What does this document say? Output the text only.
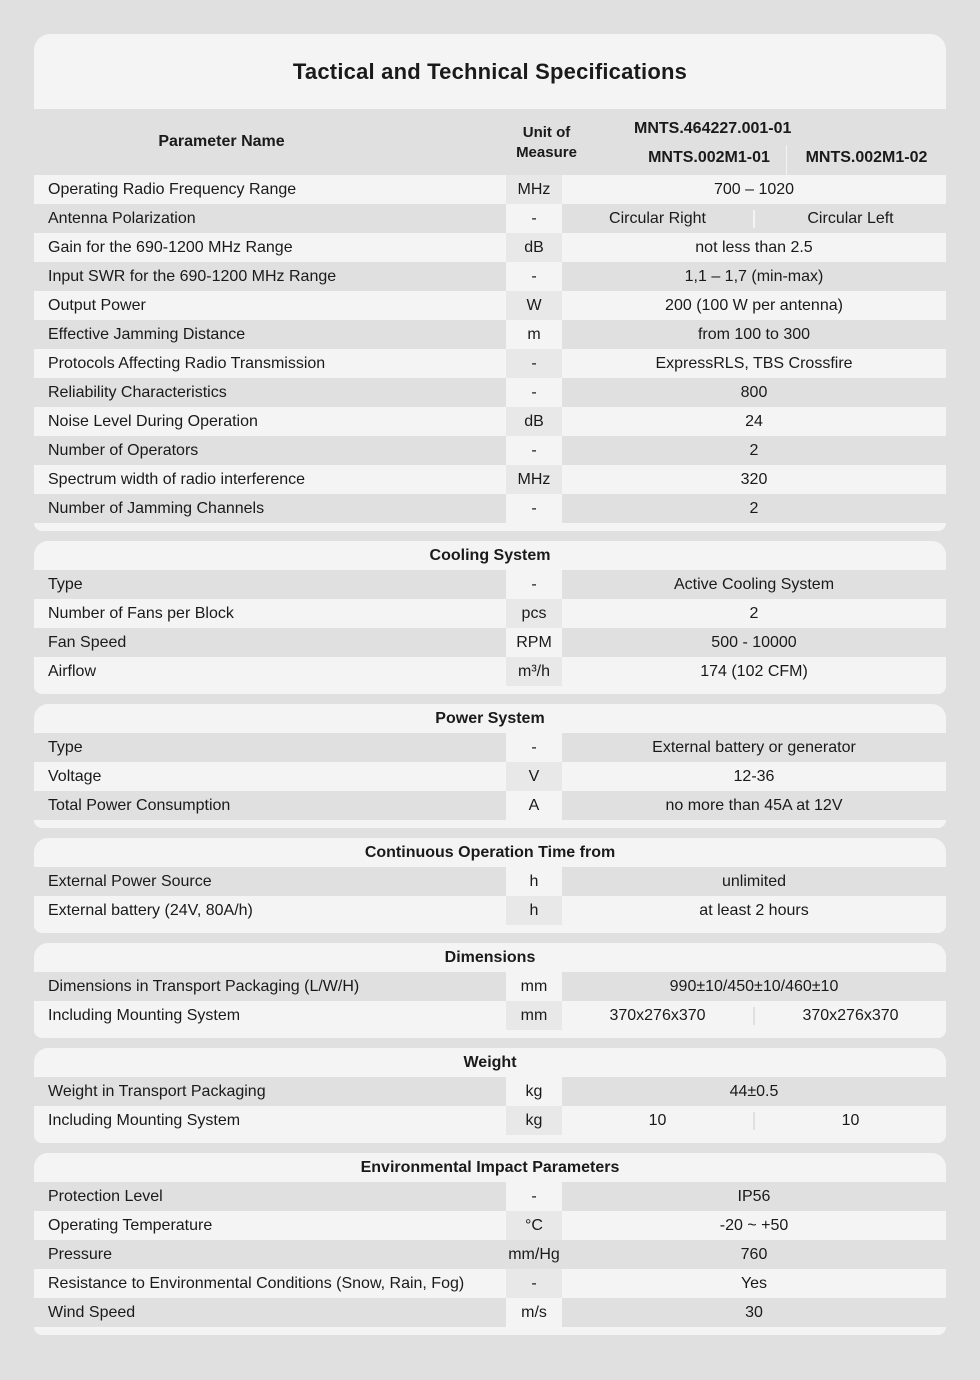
Tactical and Technical Specifications
Parameter Name
Unit of
Measure
MNTS.464227.001-01
MNTS.002M1-01	MNTS.002M1-02
Operating Radio Frequency Range	MHz	700 – 1020
Antenna Polarization	-	Circular Right	Circular Left
Gain for the 690-1200 MHz Range	dB	not less than 2.5
Input SWR for the 690-1200 MHz Range	-	1,1 – 1,7 (min-max)
Output Power	W	200 (100 W per antenna)
Effective Jamming Distance	m	from 100 to 300
Protocols Affecting Radio Transmission	-	ExpressRLS, TBS Crossfire
Reliability Characteristics	-	800
Noise Level During Operation	dB	24
Number of Operators	-	2
Spectrum width of radio interference	MHz	320
Number of Jamming Channels	-	2
Cooling System
Type	-	Active Cooling System
Number of Fans per Block	pcs	2
Fan Speed	RPM	500 - 10000
Airflow	m³/h	174 (102 CFM)
Power System
Type	-	External battery or generator
Voltage	V	12-36
Total Power Consumption	A	no more than 45A at 12V
Continuous Operation Time from
External Power Source	h	unlimited
External battery (24V, 80A/h)	h	at least 2 hours
Dimensions
Dimensions in Transport Packaging (L/W/H)	mm	990±10/450±10/460±10
Including Mounting System	mm	370x276x370	370x276x370
Weight
Weight in Transport Packaging	kg	44±0.5
Including Mounting System	kg	10	10
Environmental Impact Parameters
Protection Level	-	IP56
Operating Temperature	°C	-20 ~ +50
Pressure	mm/Hg	760
Resistance to Environmental Conditions (Snow, Rain, Fog)	-	Yes
Wind Speed	m/s	30
